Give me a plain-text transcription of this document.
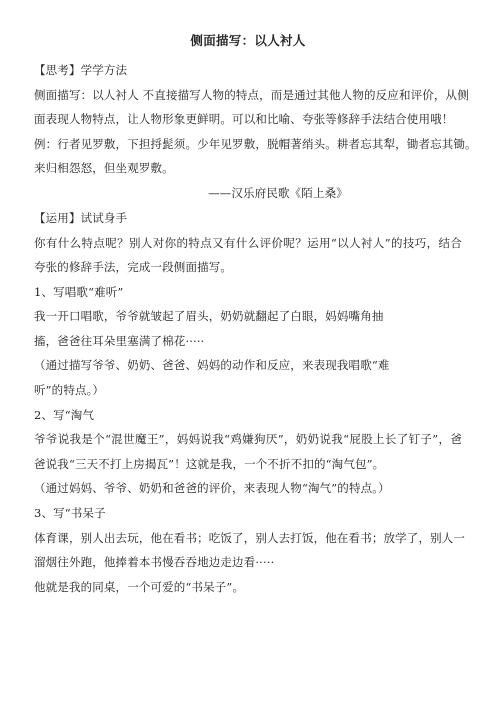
侧面描写：以人衬人
【思考】学学方法
侧面描写：以人衬人 不直接描写人物的特点，而是通过其他人物的反应和评价，从侧
面表现人物特点，让人物形象更鲜明。可以和比喻、夸张等修辞手法结合使用哦！
例：行者见罗敷，下担捋髭须。少年见罗敷，脱帽著绡头。耕者忘其犁，锄者忘其锄。
来归相怨怒，但坐观罗敷。
——汉乐府民歌《陌上桑》
【运用】试试身手
你有什么特点呢？别人对你的特点又有什么评价呢？运用“以人衬人”的技巧，结合
夸张的修辞手法，完成一段侧面描写。
1、写唱歌“难听”
我一开口唱歌，爷爷就皱起了眉头，奶奶就翻起了白眼，妈妈嘴角抽
搐，爸爸往耳朵里塞满了棉花·····
（通过描写爷爷、奶奶、爸爸、妈妈的动作和反应，来表现我唱歌“难
听”的特点。）
2、写“淘气
爷爷说我是个“混世魔王”，妈妈说我“鸡嫌狗厌”，奶奶说我“屁股上长了钉子”，爸
爸说我“三天不打上房揭瓦”！这就是我，一个不折不扣的“淘气包”。
（通过妈妈、爷爷、奶奶和爸爸的评价，来表现人物“淘气”的特点。）
3、写“书呆子
体育课，别人出去玩，他在看书；吃饭了，别人去打饭，他在看书；放学了，别人一
溜烟往外跑，他捧着本书慢吞吞地边走边看·····
他就是我的同桌，一个可爱的“书呆子”。
